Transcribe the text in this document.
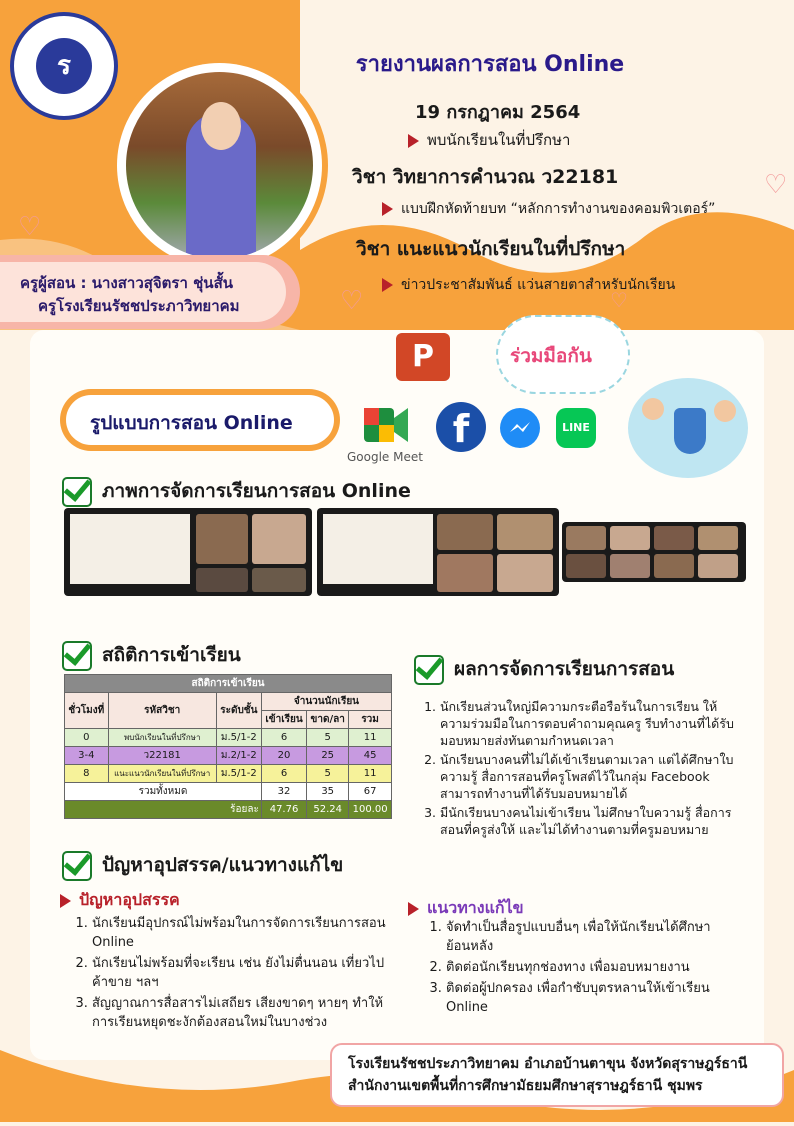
♡
♡
♡
♡
ร	รายงานผลการสอน Online
19 กรกฎาคม 2564
พบนักเรียนในที่ปรึกษา
วิชา วิทยาการคำนวณ ว22181
แบบฝึกหัดท้ายบท “หลักการทำงานของคอมพิวเตอร์”
วิชา แนะแนวนักเรียนในที่ปรึกษา
ข่าวประชาสัมพันธ์ แว่นสายตาสำหรับนักเรียน
ครูผู้สอน : นางสาวสุจิตรา ชุ่นสั้น
ครูโรงเรียนรัชชประภาวิทยาคม
P	ร่วมมือกัน
รูปแบบการสอน Online
Google Meet
f	LINE
ภาพการจัดการเรียนการสอน Online
สถิติการเข้าเรียน
สถิติการเข้าเรียน					
ชั่วโมงที่	รหัสวิชา	ระดับชั้น	จำนวนนักเรียน		
			เข้าเรียน	ขาด/ลา	รวม
0	พบนักเรียนในที่ปรึกษา	ม.5/1-2	6	5	11
3-4	ว22181	ม.2/1-2	20	25	45
8	แนะแนวนักเรียนในที่ปรึกษา	ม.5/1-2	6	5	11
รวมทั้งหมด			32	35	67
ร้อยละ			47.76	52.24	100.00
ผลการจัดการเรียนการสอน
1. นักเรียนส่วนใหญ่มีความกระตือรือร้นในการเรียน ให้ความร่วมมือในการตอบคำถามคุณครู รีบทำงานที่ได้รับมอบหมายส่งทันตามกำหนดเวลา
2. นักเรียนบางคนที่ไม่ได้เข้าเรียนตามเวลา แต่ได้ศึกษาใบความรู้ สื่อการสอนที่ครูโพสต์ไว้ในกลุ่ม Facebook สามารถทำงานที่ได้รับมอบหมายได้
3. มีนักเรียนบางคนไม่เข้าเรียน ไม่ศึกษาใบความรู้ สื่อการสอนที่ครูส่งให้ และไม่ได้ทำงานตามที่ครูมอบหมาย
ปัญหาอุปสรรค/แนวทางแก้ไข
ปัญหาอุปสรรค
1. นักเรียนมีอุปกรณ์ไม่พร้อมในการจัดการเรียนการสอน Online
2. นักเรียนไม่พร้อมที่จะเรียน เช่น ยังไม่ตื่นนอน เที่ยวไปค้าขาย ฯลฯ
3. สัญญาณการสื่อสารไม่เสถียร เสียงขาดๆ หายๆ ทำให้การเรียนหยุดชะงักต้องสอนใหม่ในบางช่วง
แนวทางแก้ไข
1. จัดทำเป็นสื่อรูปแบบอื่นๆ เพื่อให้นักเรียนได้ศึกษาย้อนหลัง
2. ติดต่อนักเรียนทุกช่องทาง เพื่อมอบหมายงาน
3. ติดต่อผู้ปกครอง เพื่อกำชับบุตรหลานให้เข้าเรียน Online
โรงเรียนรัชชประภาวิทยาคม อำเภอบ้านตาขุน จังหวัดสุราษฎร์ธานี
สำนักงานเขตพื้นที่การศึกษามัธยมศึกษาสุราษฎร์ธานี ชุมพร
